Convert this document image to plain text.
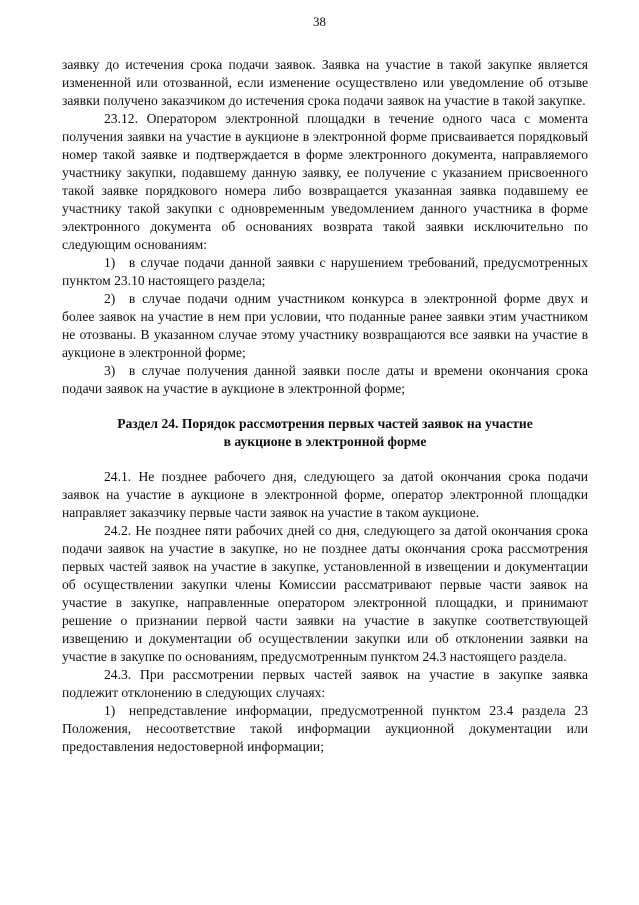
38

заявку до истечения срока подачи заявок. Заявка на участие в такой закупке является измененной или отозванной, если изменение осуществлено или уведомление об отзыве заявки получено заказчиком до истечения срока подачи заявок на участие в такой закупке.

23.12. Оператором электронной площадки в течение одного часа с момента получения заявки на участие в аукционе в электронной форме присваивается порядковый номер такой заявке и подтверждается в форме электронного документа, направляемого участнику закупки, подавшему данную заявку, ее получение с указанием присвоенного такой заявке порядкового номера либо возвращается указанная заявка подавшему ее участнику такой закупки с одновременным уведомлением данного участника в форме электронного документа об основаниях возврата такой заявки исключительно по следующим основаниям:

1) в случае подачи данной заявки с нарушением требований, предусмотренных пунктом 23.10 настоящего раздела;

2) в случае подачи одним участником конкурса в электронной форме двух и более заявок на участие в нем при условии, что поданные ранее заявки этим участником не отозваны. В указанном случае этому участнику возвращаются все заявки на участие в аукционе в электронной форме;

3) в случае получения данной заявки после даты и времени окончания срока подачи заявок на участие в аукционе в электронной форме;

Раздел 24. Порядок рассмотрения первых частей заявок на участие
в аукционе в электронной форме

24.1. Не позднее рабочего дня, следующего за датой окончания срока подачи заявок на участие в аукционе в электронной форме, оператор электронной площадки направляет заказчику первые части заявок на участие в таком аукционе.

24.2. Не позднее пяти рабочих дней со дня, следующего за датой окончания срока подачи заявок на участие в закупке, но не позднее даты окончания срока рассмотрения первых частей заявок на участие в закупке, установленной в извещении и документации об осуществлении закупки члены Комиссии рассматривают первые части заявок на участие в закупке, направленные оператором электронной площадки, и принимают решение о признании первой части заявки на участие в закупке соответствующей извещению и документации об осуществлении закупки или об отклонении заявки на участие в закупке по основаниям, предусмотренным пунктом 24.3 настоящего раздела.

24.3. При рассмотрении первых частей заявок на участие в закупке заявка подлежит отклонению в следующих случаях:

1) непредставление информации, предусмотренной пунктом 23.4 раздела 23 Положения, несоответствие такой информации аукционной документации или предоставления недостоверной информации;
